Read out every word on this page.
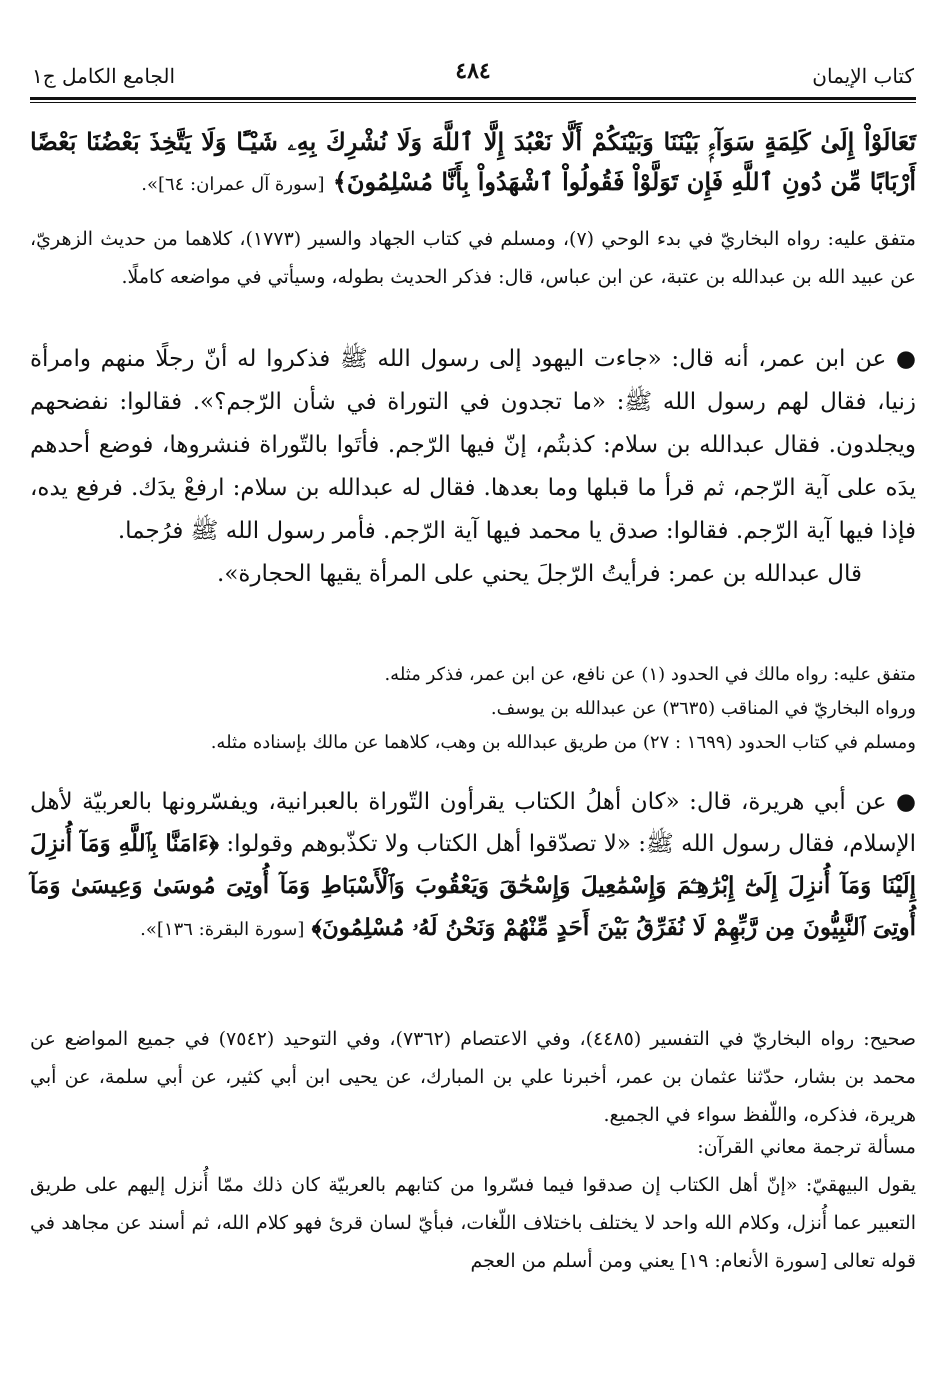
كتاب الإيمان
الجامع الكامل ج١	٤٨٤
تَعَالَوْاْ إِلَىٰ كَلِمَةٍ سَوَآءِۭ بَيْنَنَا وَبَيْنَكُمْ أَلَّا نَعْبُدَ إِلَّا ٱللَّهَ وَلَا نُشْرِكَ بِهِۦ شَيْـًٔا وَلَا يَتَّخِذَ بَعْضُنَا بَعْضًا أَرْبَابًا مِّن دُونِ ٱللَّهِ فَإِن تَوَلَّوْاْ فَقُولُواْ ٱشْهَدُواْ بِأَنَّا مُسْلِمُونَ﴾ [سورة آل عمران: ٦٤]».

متفق عليه: رواه البخاريّ في بدء الوحي (٧)، ومسلم في كتاب الجهاد والسير (١٧٧٣)، كلاهما من حديث الزهريّ، عن عبيد الله بن عبدالله بن عتبة، عن ابن عباس، قال: فذكر الحديث بطوله، وسيأتي في مواضعه كاملًا.

● عن ابن عمر، أنه قال: «جاءت اليهود إلى رسول الله ﷺ فذكروا له أنّ رجلًا منهم وامرأة زنيا، فقال لهم رسول الله ﷺ: «ما تجدون في التوراة في شأن الرّجم؟». فقالوا: نفضحهم ويجلدون. فقال عبدالله بن سلام: كذبتُم، إنّ فيها الرّجم. فأتَوا بالتّوراة فنشروها، فوضع أحدهم يدَه على آية الرّجم، ثم قرأ ما قبلها وما بعدها. فقال له عبدالله بن سلام: ارفعْ يدَك. فرفع يده، فإذا فيها آية الرّجم. فقالوا: صدق يا محمد فيها آية الرّجم. فأمر رسول الله ﷺ فرُجما.

قال عبدالله بن عمر: فرأيتُ الرّجلَ يحني على المرأة يقيها الحجارة».

متفق عليه: رواه مالك في الحدود (١) عن نافع، عن ابن عمر، فذكر مثله.

ورواه البخاريّ في المناقب (٣٦٣٥) عن عبدالله بن يوسف.

ومسلم في كتاب الحدود (١٦٩٩ : ٢٧) من طريق عبدالله بن وهب، كلاهما عن مالك بإسناده مثله.

● عن أبي هريرة، قال: «كان أهلُ الكتاب يقرأون التّوراة بالعبرانية، ويفسّرونها بالعربيّة لأهل الإسلام، فقال رسول الله ﷺ: «لا تصدّقوا أهل الكتاب ولا تكذّبوهم وقولوا: ﴿ءَامَنَّا بِٱللَّهِ وَمَآ أُنزِلَ إِلَيْنَا وَمَآ أُنزِلَ إِلَىٰٓ إِبْرَٰهِـۧمَ وَإِسْمَٰعِيلَ وَإِسْحَٰقَ وَيَعْقُوبَ وَٱلْأَسْبَاطِ وَمَآ أُوتِىَ مُوسَىٰ وَعِيسَىٰ وَمَآ أُوتِىَ ٱلنَّبِيُّونَ مِن رَّبِّهِمْ لَا نُفَرِّقُ بَيْنَ أَحَدٍ مِّنْهُمْ وَنَحْنُ لَهُۥ مُسْلِمُونَ﴾ [سورة البقرة: ١٣٦]».

صحيح: رواه البخاريّ في التفسير (٤٤٨٥)، وفي الاعتصام (٧٣٦٢)، وفي التوحيد (٧٥٤٢) في جميع المواضع عن محمد بن بشار، حدّثنا عثمان بن عمر، أخبرنا علي بن المبارك، عن يحيى ابن أبي كثير، عن أبي سلمة، عن أبي هريرة، فذكره، واللّفظ سواء في الجميع.

مسألة ترجمة معاني القرآن:

يقول البيهقيّ: «إنّ أهل الكتاب إن صدقوا فيما فسّروا من كتابهم بالعربيّة كان ذلك ممّا أُنزل إليهم على طريق التعبير عما أُنزل، وكلام الله واحد لا يختلف باختلاف اللّغات، فبأيّ لسان قرئ فهو كلام الله، ثم أسند عن مجاهد في قوله تعالى [سورة الأنعام: ١٩] يعني ومن أسلم من العجم
